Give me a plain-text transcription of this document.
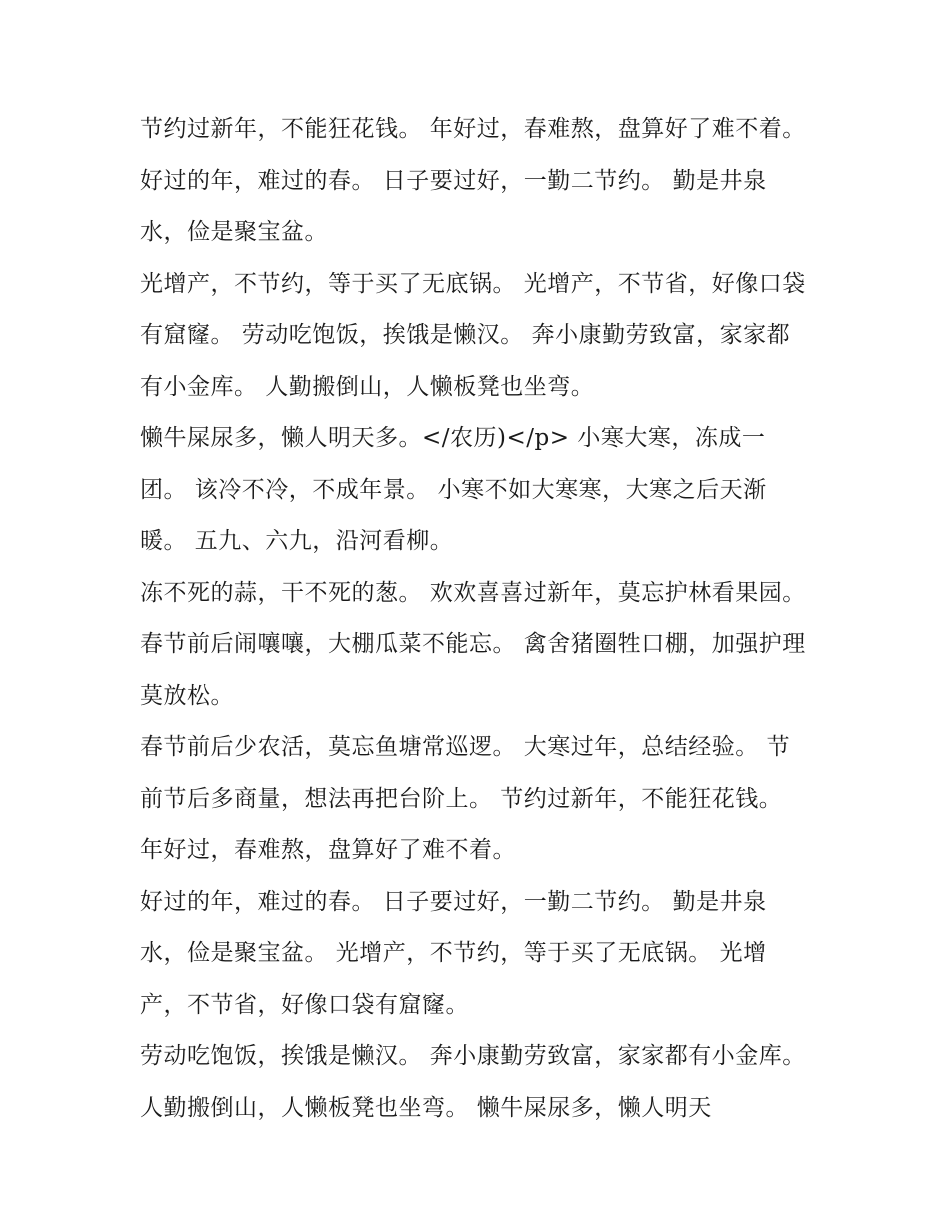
节约过新年，不能狂花钱。 年好过，春难熬，盘算好了难不着。 好过的年，难过的春。 日子要过好，一勤二节约。 勤是井泉水，俭是聚宝盆。

光增产，不节约，等于买了无底锅。 光增产，不节省，好像口袋有窟窿。 劳动吃饱饭，挨饿是懒汉。 奔小康勤劳致富，家家都有小金库。 人勤搬倒山，人懒板凳也坐弯。

懒牛屎尿多，懒人明天多。</农历)</p> 小寒大寒，冻成一团。 该冷不冷，不成年景。 小寒不如大寒寒，大寒之后天渐暖。 五九、六九，沿河看柳。

冻不死的蒜，干不死的葱。 欢欢喜喜过新年，莫忘护林看果园。 春节前后闹嚷嚷，大棚瓜菜不能忘。 禽舍猪圈牲口棚，加强护理莫放松。

春节前后少农活，莫忘鱼塘常巡逻。 大寒过年，总结经验。 节前节后多商量，想法再把台阶上。 节约过新年，不能狂花钱。 年好过，春难熬，盘算好了难不着。

好过的年，难过的春。 日子要过好，一勤二节约。 勤是井泉水，俭是聚宝盆。 光增产，不节约，等于买了无底锅。 光增产，不节省，好像口袋有窟窿。

劳动吃饱饭，挨饿是懒汉。 奔小康勤劳致富，家家都有小金库。 人勤搬倒山，人懒板凳也坐弯。 懒牛屎尿多，懒人明天
